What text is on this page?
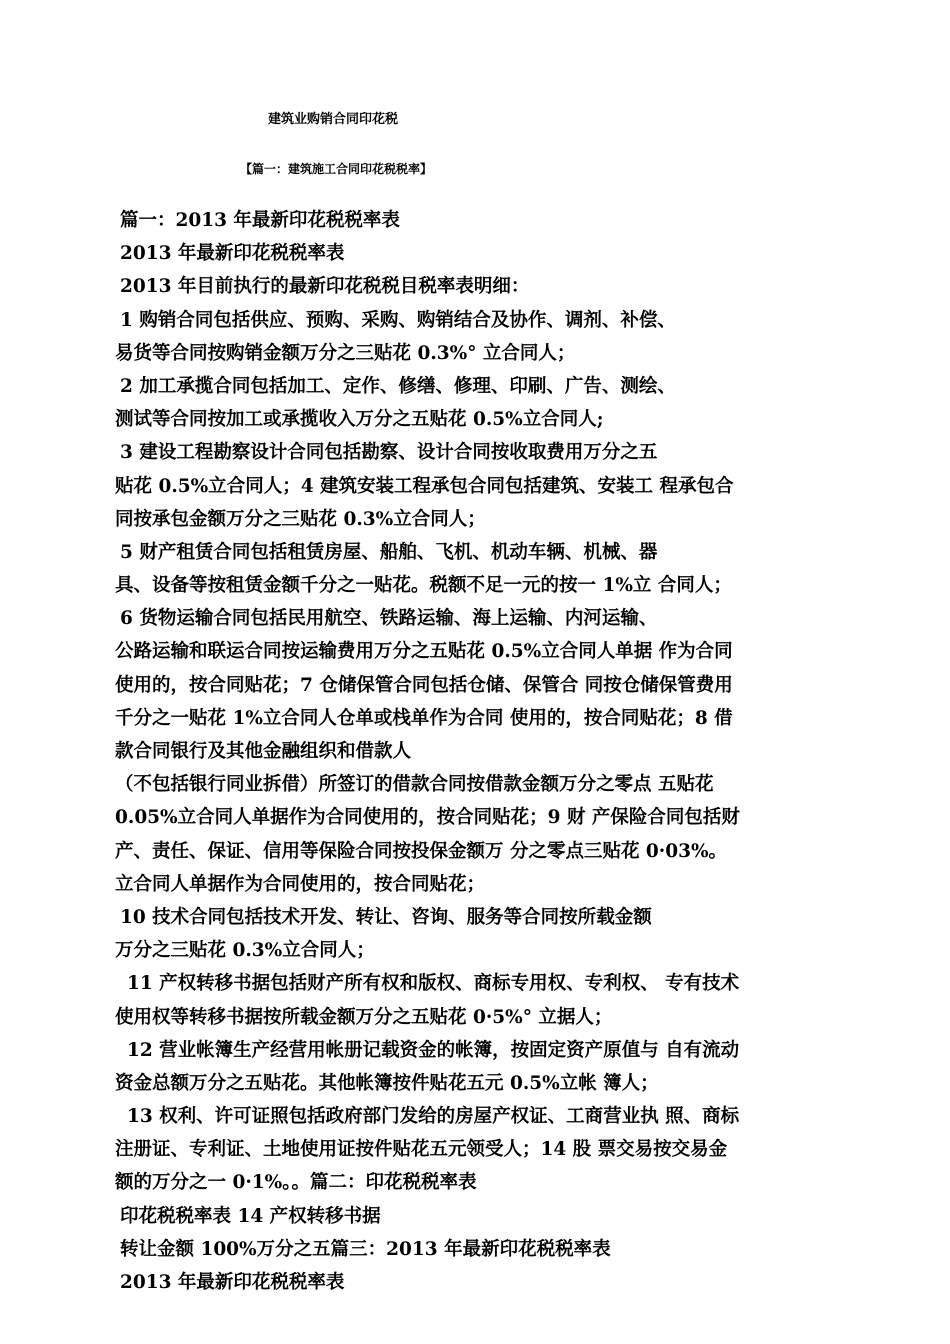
建筑业购销合同印花税
【篇一：建筑施工合同印花税税率】
篇一：2013 年最新印花税税率表
2013 年最新印花税税率表
2013 年目前执行的最新印花税税目税率表明细：
1 购销合同包括供应、预购、采购、购销结合及协作、调剂、补偿、
易货等合同按购销金额万分之三贴花 0.3%° 立合同人；
2 加工承揽合同包括加工、定作、修缮、修理、印刷、广告、测绘、
测试等合同按加工或承揽收入万分之五贴花 0.5%立合同人;
3 建设工程勘察设计合同包括勘察、设计合同按收取费用万分之五
贴花 0.5%立合同人；4 建筑安装工程承包合同包括建筑、安装工 程承包合
同按承包金额万分之三贴花 0.3%立合同人；
5 财产租赁合同包括租赁房屋、船舶、飞机、机动车辆、机械、器
具、设备等按租赁金额千分之一贴花。税额不足一元的按一 1%立 合同人；
6 货物运输合同包括民用航空、铁路运输、海上运输、内河运输、
公路运输和联运合同按运输费用万分之五贴花 0.5%立合同人单据 作为合同
使用的，按合同贴花；7 仓储保管合同包括仓储、保管合 同按仓储保管费用
千分之一贴花 1%立合同人仓单或栈单作为合同 使用的，按合同贴花；8 借
款合同银行及其他金融组织和借款人
（不包括银行同业拆借）所签订的借款合同按借款金额万分之零点 五贴花
0.05%立合同人单据作为合同使用的，按合同贴花；9 财 产保险合同包括财
产、责任、保证、信用等保险合同按投保金额万 分之零点三贴花 0·03%。
立合同人单据作为合同使用的，按合同贴花；
10 技术合同包括技术开发、转让、咨询、服务等合同按所载金额
万分之三贴花 0.3%立合同人；
11 产权转移书据包括财产所有权和版权、商标专用权、专利权、 专有技术
使用权等转移书据按所载金额万分之五贴花 0·5%° 立据人；
12 营业帐簿生产经营用帐册记载资金的帐簿，按固定资产原值与 自有流动
资金总额万分之五贴花。其他帐簿按件贴花五元 0.5%立帐 簿人；
13 权利、许可证照包括政府部门发给的房屋产权证、工商营业执 照、商标
注册证、专利证、土地使用证按件贴花五元领受人；14 股 票交易按交易金
额的万分之一 0·1%。。篇二：印花税税率表
印花税税率表 14 产权转移书据
转让金额 100%万分之五篇三：2013 年最新印花税税率表
2013 年最新印花税税率表
